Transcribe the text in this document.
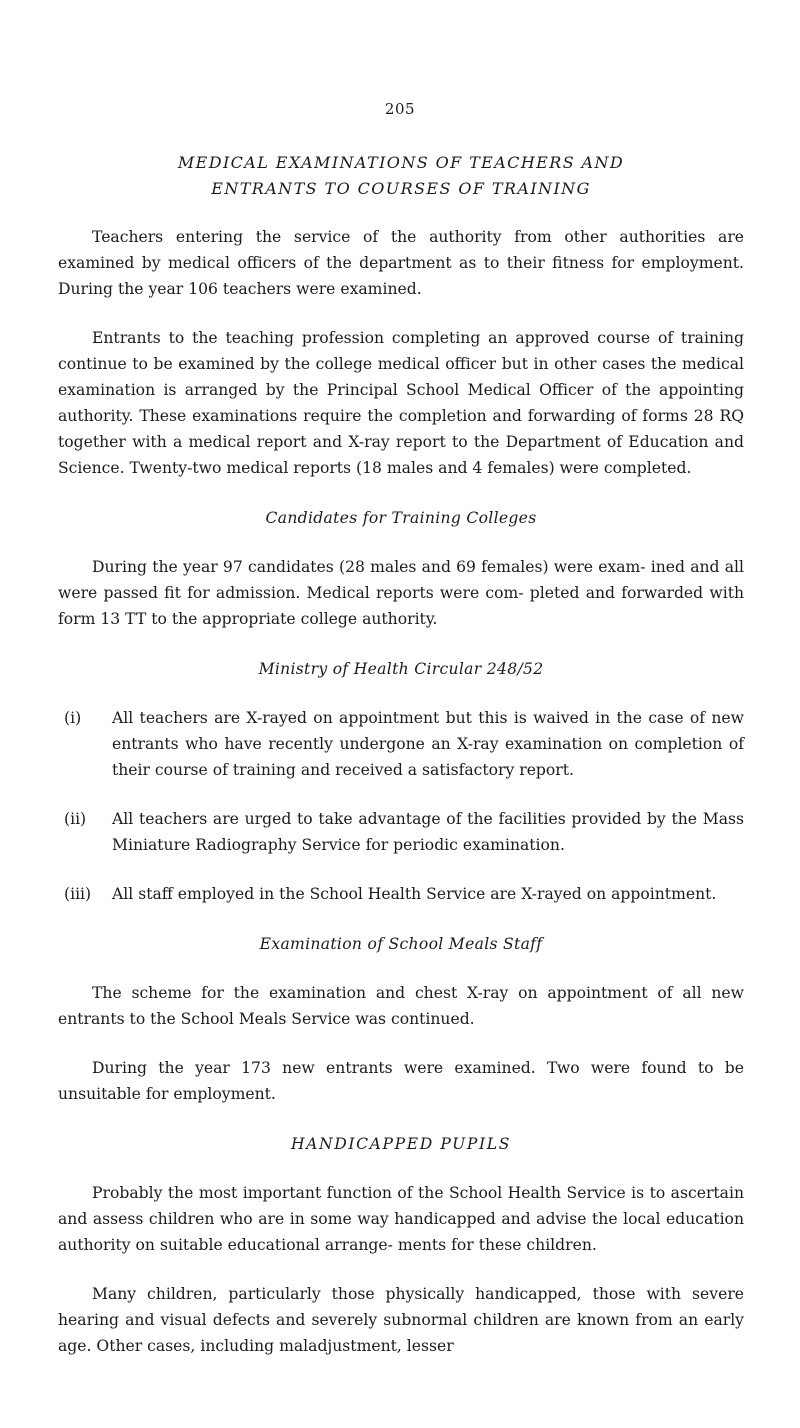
205

MEDICAL EXAMINATIONS OF TEACHERS AND

ENTRANTS TO COURSES OF TRAINING

Teachers entering the service of the authority from other authorities are examined by medical officers of the department as to their fitness for employment. During the year 106 teachers were examined.

Entrants to the teaching profession completing an approved course of training continue to be examined by the college medical officer but in other cases the medical examination is arranged by the Principal School Medical Officer of the appointing authority. These examinations require the completion and forwarding of forms 28 RQ together with a medical report and X-ray report to the Department of Education and Science. Twenty-two medical reports (18 males and 4 females) were completed.

Candidates for Training Colleges

During the year 97 candidates (28 males and 69 females) were exam- ined and all were passed fit for admission. Medical reports were com- pleted and forwarded with form 13 TT to the appropriate college authority.

Ministry of Health Circular 248/52

(i) All teachers are X-rayed on appointment but this is waived in the case of new entrants who have recently undergone an X-ray examination on completion of their course of training and received a satisfactory report.
(ii) All teachers are urged to take advantage of the facilities provided by the Mass Miniature Radiography Service for periodic examination.
(iii) All staff employed in the School Health Service are X-rayed on appointment.

Examination of School Meals Staff

The scheme for the examination and chest X-ray on appointment of all new entrants to the School Meals Service was continued.

During the year 173 new entrants were examined. Two were found to be unsuitable for employment.

HANDICAPPED PUPILS

Probably the most important function of the School Health Service is to ascertain and assess children who are in some way handicapped and advise the local education authority on suitable educational arrange- ments for these children.

Many children, particularly those physically handicapped, those with severe hearing and visual defects and severely subnormal children are known from an early age. Other cases, including maladjustment, lesser
